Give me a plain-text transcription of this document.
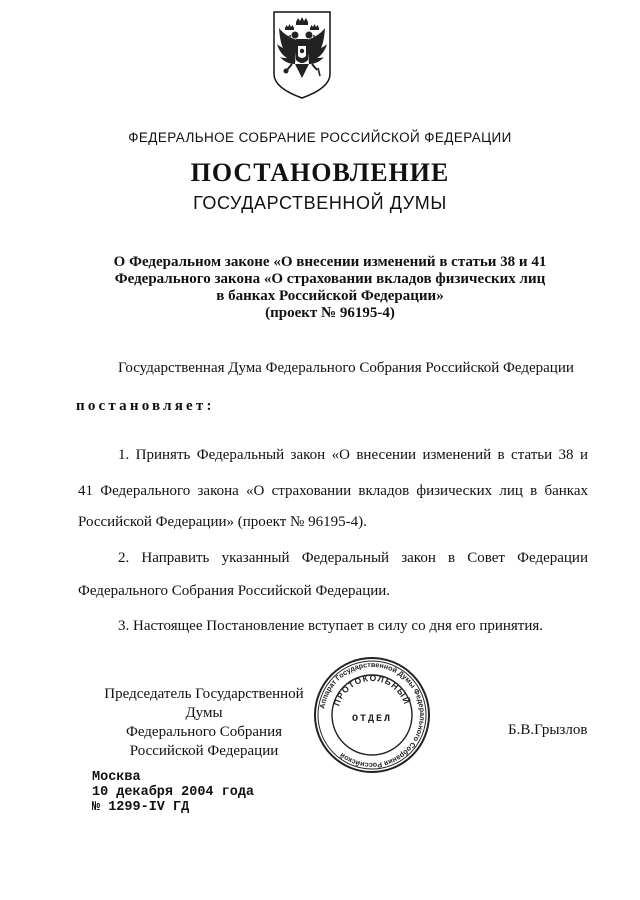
ФЕДЕРАЛЬНОЕ СОБРАНИЕ РОССИЙСКОЙ ФЕДЕРАЦИИ
ПОСТАНОВЛЕНИЕ
ГОСУДАРСТВЕННОЙ ДУМЫ
О Федеральном законе «О внесении изменений в статьи 38 и 41
Федерального закона «О страховании вкладов физических лиц
в банках Российской Федерации»
(проект № 96195-4)
Государственная Дума Федерального Собрания Российской Федерации
постановляет:
1. Принять Федеральный закон «О внесении изменений в статьи 38 и
41 Федерального закона «О страховании вкладов физических лиц в банках
Российской Федерации» (проект № 96195-4).
2. Направить указанный Федеральный закон в Совет Федерации
Федерального Собрания Российской Федерации.
3. Настоящее Постановление вступает в силу со дня его принятия.
Председатель Государственной Думы
Федерального Собрания
Российской Федерации
Б.В.Грызлов
Аппарат Государственной Думы Федерального Собрания Российской
ПРОТОКОЛЬНЫЙ
ОТДЕЛ
Москва
10 декабря 2004 года
№ 1299-IV ГД
